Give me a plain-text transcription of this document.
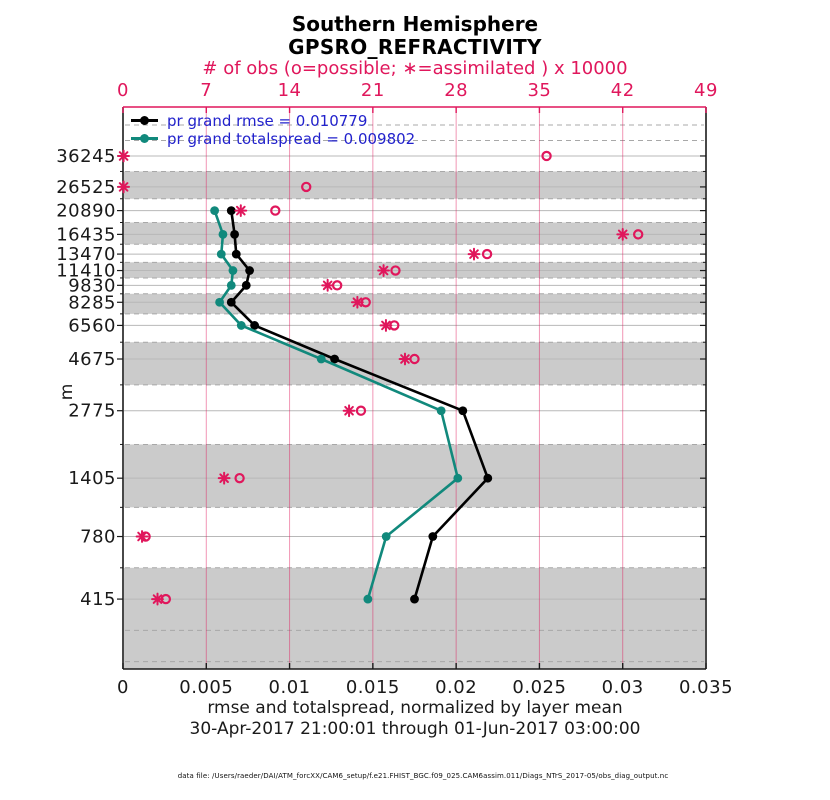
Southern Hemisphere
GPSRO_REFRACTIVITY
# of obs (o=possible; ∗=assimilated ) x 10000
0	7	14	21	28	35	42	49
0	0.005 0.01 0.015 0.02 0.025 0.03 0.035
36245
26525
20890
16435
13470
11410
9830
8285
6560
4675
2775
1405
780
415
pr grand rmse = 0.010779
pr grand totalspread = 0.009802
m
rmse and totalspread, normalized by layer mean
30-Apr-2017 21:00:01 through 01-Jun-2017 03:00:00
data file: /Users/raeder/DAI/ATM_forcXX/CAM6_setup/f.e21.FHIST_BGC.f09_025.CAM6assim.011/Diags_NTrS_2017-05/obs_diag_output.nc
